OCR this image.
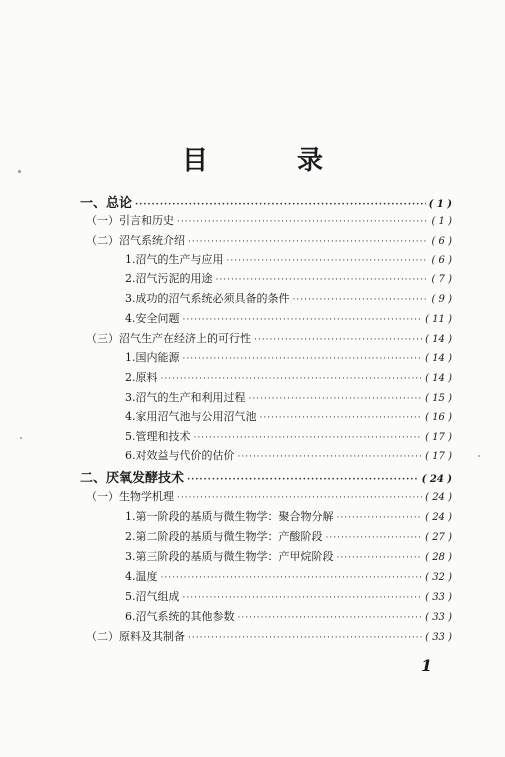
目 录
一、总论 ·····	( 1 )
（一）引言和历史 ·····	( 1 )
（二）沼气系统介绍 ·····	( 6 )
1.沼气的生产与应用 ·····	( 6 )
2.沼气污泥的用途 ·····	( 7 )
3.成功的沼气系统必须具备的条件 ·····	( 9 )
4.安全问题 ·····	( 11 )
（三）沼气生产在经济上的可行性 ·····	( 14 )
1.国内能源 ·····	( 14 )
2.原料 ·····	( 14 )
3.沼气的生产和利用过程 ·····	( 15 )
4.家用沼气池与公用沼气池 ·····	( 16 )
5.管理和技术 ·····	( 17 )
6.对效益与代价的估价 ·····	( 17 )
二、厌氧发酵技术 ·····	( 24 )
（一）生物学机理 ·····	( 24 )
1.第一阶段的基质与微生物学：聚合物分解 ·····	( 24 )
2.第二阶段的基质与微生物学：产酸阶段 ·····	( 27 )
3.第三阶段的基质与微生物学：产甲烷阶段 ·····	( 28 )
4.温度 ·····	( 32 )
5.沼气组成 ·····	( 33 )
6.沼气系统的其他参数 ·····	( 33 )
（二）原料及其制备 ·····	( 33 )
1
